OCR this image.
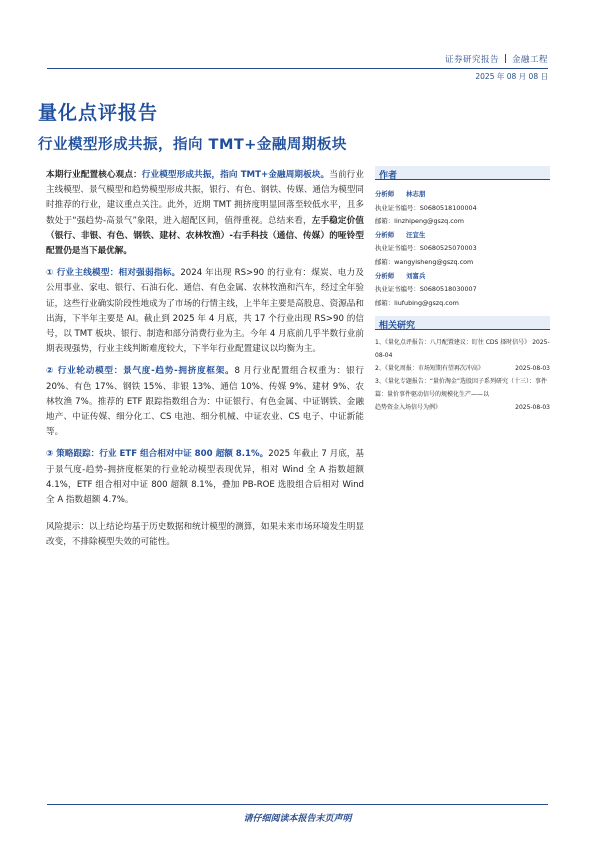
证券研究报告 金融工程
2025 年 08 月 08 日
量化点评报告
行业模型形成共振，指向 TMT+金融周期板块

本期行业配置核心观点：行业模型形成共振，指向 TMT+金融周期板块。当前行业主线模型、景气模型和趋势模型形成共振，银行、有色、钢铁、传媒、通信为模型同时推荐的行业，建议重点关注。此外，近期 TMT 拥挤度明显回落至较低水平，且多数处于“强趋势-高景气”象限，进入超配区间，值得重视。总结来看，左手稳定价值（银行、非银、有色、钢铁、建材、农林牧渔）-右手科技（通信、传媒）的哑铃型配置仍是当下最优解。

① 行业主线模型：相对强弱指标。2024 年出现 RS>90 的行业有：煤炭、电力及公用事业、家电、银行、石油石化、通信、有色金属、农林牧渔和汽车，经过全年验证，这些行业确实阶段性地成为了市场的行情主线，上半年主要是高股息、资源品和出海，下半年主要是 AI。截止到 2025 年 4 月底，共 17 个行业出现 RS>90 的信号，以 TMT 板块、银行、制造和部分消费行业为主。今年 4 月底前几乎半数行业前期表现强势，行业主线判断难度较大，下半年行业配置建议以均衡为主。

② 行业轮动模型：景气度-趋势-拥挤度框架。8 月行业配置组合权重为：银行 20%、有色 17%、钢铁 15%、非银 13%、通信 10%、传媒 9%、建材 9%、农林牧渔 7%。推荐的 ETF 跟踪指数组合为：中证银行、有色金属、中证钢铁、金融地产、中证传媒、细分化工、CS 电池、细分机械、中证农业、CS 电子、中证新能等。

③ 策略跟踪：行业 ETF 组合相对中证 800 超额 8.1%。2025 年截止 7 月底，基于景气度-趋势-拥挤度框架的行业轮动模型表现优异，相对 Wind 全 A 指数超额 4.1%，ETF 组合相对中证 800 超额 8.1%，叠加 PB-ROE 选股组合后相对 Wind 全 A 指数超额 4.7%。

风险提示：以上结论均基于历史数据和统计模型的测算，如果未来市场环境发生明显改变，不排除模型失效的可能性。

作者
分析师 林志朋
执业证书编号：S0680518100004
邮箱：linzhipeng@gszq.com
分析师 汪宜生
执业证书编号：S0680525070003
邮箱：wangyisheng@gszq.com
分析师 刘富兵
执业证书编号：S0680518030007
邮箱：liufubing@gszq.com
相关研究
1、《量化点评报告：八月配置建议：盯住 CDS 择时信号》 2025-08-04
2、《量化周报：市场短期有望再次冲高》	2025-08-03
3、《量化专题报告：“量价淘金”选股因子系列研究（十三）：事件篇：量价事件驱动信号的规模化生产——以
趋势资金入场信号为例》	2025-08-03
请仔细阅读本报告末页声明
